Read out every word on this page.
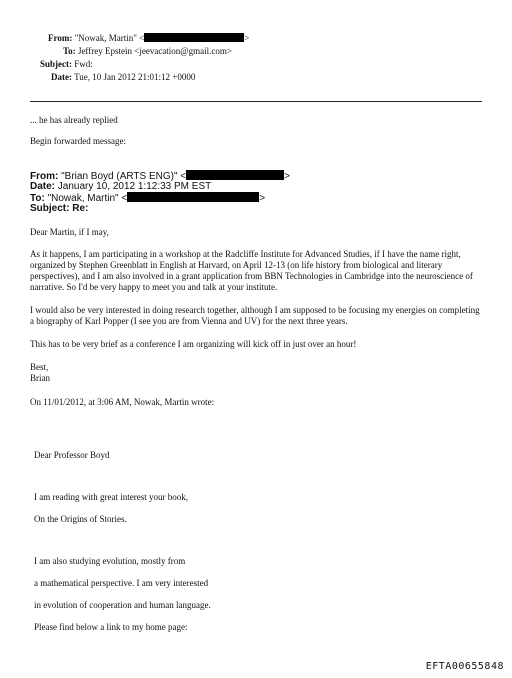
From: "Nowak, Martin" <	>
To: Jeffrey Epstein <jeevacation@gmail.com>
Subject: Fwd:
Date: Tue, 10 Jan 2012 21:01:12 +0000
... he has already replied
Begin forwarded message:
From: "Brian Boyd (ARTS ENG)" <	>
Date: January 10, 2012 1:12:33 PM EST
To: "Nowak, Martin" <	>
Subject: Re:
Dear Martin, if I may,
As it happens, I am participating in a workshop at the Radcliffe Institute for Advanced Studies, if I have the name right, organized by Stephen Greenblatt in English at Harvard, on April 12-13 (on life history from biological and literary perspectives), and I am also involved in a grant application from BBN Technologies in Cambridge into the neuroscience of narrative. So I'd be very happy to meet you and talk at your institute.
I would also be very interested in doing research together, although I am supposed to be focusing my energies on completing a biography of Karl Popper (I see you are from Vienna and UV) for the next three years.
This has to be very brief as a conference I am organizing will kick off in just over an hour!
Best,
Brian
On 11/01/2012, at 3:06 AM, Nowak, Martin wrote:
Dear Professor Boyd
I am reading with great interest your book,
On the Origins of Stories.
I am also studying evolution, mostly from
a mathematical perspective. I am very interested
in evolution of cooperation and human language.
Please find below a link to my home page:
EFTA00655848
